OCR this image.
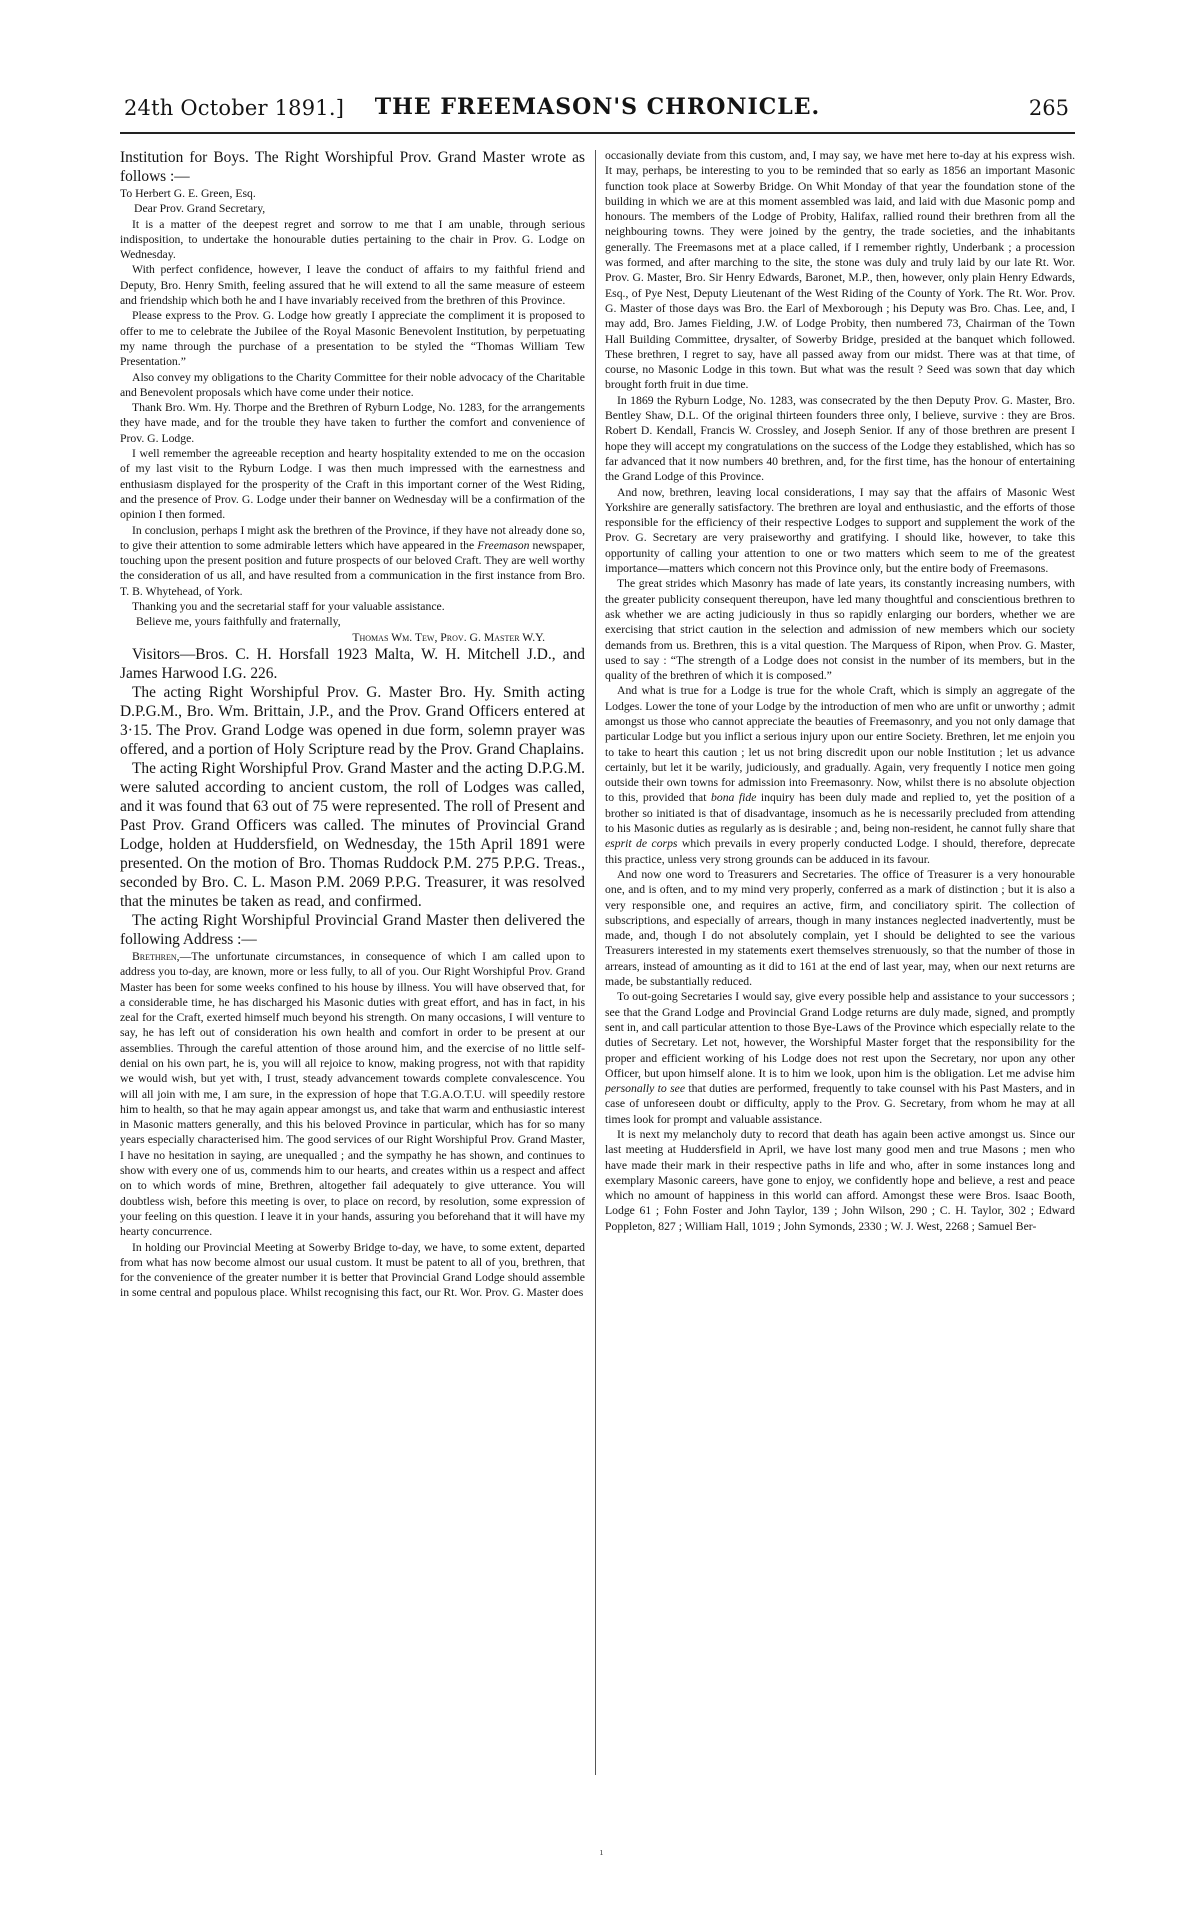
24th October 1891.]	THE FREEMASON'S CHRONICLE.	265

Institution for Boys. The Right Worshipful Prov. Grand Master wrote as follows :—

To Herbert G. E. Green, Esq.

Dear Prov. Grand Secretary,

It is a matter of the deepest regret and sorrow to me that I am unable, through serious indisposition, to undertake the honourable duties pertaining to the chair in Prov. G. Lodge on Wednesday.

With perfect confidence, however, I leave the conduct of affairs to my faithful friend and Deputy, Bro. Henry Smith, feeling assured that he will extend to all the same measure of esteem and friendship which both he and I have invariably received from the brethren of this Province.

Please express to the Prov. G. Lodge how greatly I appreciate the compliment it is proposed to offer to me to celebrate the Jubilee of the Royal Masonic Benevolent Institution, by perpetuating my name through the purchase of a presentation to be styled the “Thomas William Tew Presentation.”

Also convey my obligations to the Charity Committee for their noble advocacy of the Charitable and Benevolent proposals which have come under their notice.

Thank Bro. Wm. Hy. Thorpe and the Brethren of Ryburn Lodge, No. 1283, for the arrangements they have made, and for the trouble they have taken to further the comfort and convenience of Prov. G. Lodge.

I well remember the agreeable reception and hearty hospitality extended to me on the occasion of my last visit to the Ryburn Lodge. I was then much impressed with the earnestness and enthusiasm displayed for the prosperity of the Craft in this important corner of the West Riding, and the presence of Prov. G. Lodge under their banner on Wednesday will be a confirmation of the opinion I then formed.

In conclusion, perhaps I might ask the brethren of the Province, if they have not already done so, to give their attention to some admirable letters which have appeared in the Freemason newspaper, touching upon the present position and future prospects of our beloved Craft. They are well worthy the consideration of us all, and have resulted from a communication in the first instance from Bro. T. B. Whytehead, of York.

Thanking you and the secretarial staff for your valuable assistance.

Believe me, yours faithfully and fraternally,

Thomas Wm. Tew, Prov. G. Master W.Y.

Visitors—Bros. C. H. Horsfall 1923 Malta, W. H. Mitchell J.D., and James Harwood I.G. 226.

The acting Right Worshipful Prov. G. Master Bro. Hy. Smith acting D.P.G.M., Bro. Wm. Brittain, J.P., and the Prov. Grand Officers entered at 3·15. The Prov. Grand Lodge was opened in due form, solemn prayer was offered, and a portion of Holy Scripture read by the Prov. Grand Chaplains.

The acting Right Worshipful Prov. Grand Master and the acting D.P.G.M. were saluted according to ancient custom, the roll of Lodges was called, and it was found that 63 out of 75 were represented. The roll of Present and Past Prov. Grand Officers was called. The minutes of Provincial Grand Lodge, holden at Huddersfield, on Wednesday, the 15th April 1891 were presented. On the motion of Bro. Thomas Ruddock P.M. 275 P.P.G. Treas., seconded by Bro. C. L. Mason P.M. 2069 P.P.G. Treasurer, it was resolved that the minutes be taken as read, and confirmed.

The acting Right Worshipful Provincial Grand Master then delivered the following Address :—

Brethren,—The unfortunate circumstances, in consequence of which I am called upon to address you to-day, are known, more or less fully, to all of you. Our Right Worshipful Prov. Grand Master has been for some weeks confined to his house by illness. You will have observed that, for a considerable time, he has discharged his Masonic duties with great effort, and has in fact, in his zeal for the Craft, exerted himself much beyond his strength. On many occasions, I will venture to say, he has left out of consideration his own health and comfort in order to be present at our assemblies. Through the careful attention of those around him, and the exercise of no little self-denial on his own part, he is, you will all rejoice to know, making progress, not with that rapidity we would wish, but yet with, I trust, steady advancement towards complete convalescence. You will all join with me, I am sure, in the expression of hope that T.G.A.O.T.U. will speedily restore him to health, so that he may again appear amongst us, and take that warm and enthusiastic interest in Masonic matters generally, and this his beloved Province in particular, which has for so many years especially characterised him. The good services of our Right Worshipful Prov. Grand Master, I have no hesitation in saying, are unequalled ; and the sympathy he has shown, and continues to show with every one of us, commends him to our hearts, and creates within us a respect and affect on to which words of mine, Brethren, altogether fail adequately to give utterance. You will doubtless wish, before this meeting is over, to place on record, by resolution, some expression of your feeling on this question. I leave it in your hands, assuring you beforehand that it will have my hearty concurrence.

In holding our Provincial Meeting at Sowerby Bridge to-day, we have, to some extent, departed from what has now become almost our usual custom. It must be patent to all of you, brethren, that for the convenience of the greater number it is better that Provincial Grand Lodge should assemble in some central and populous place. Whilst recognising this fact, our Rt. Wor. Prov. G. Master does

occasionally deviate from this custom, and, I may say, we have met here to-day at his express wish. It may, perhaps, be interesting to you to be reminded that so early as 1856 an important Masonic function took place at Sowerby Bridge. On Whit Monday of that year the foundation stone of the building in which we are at this moment assembled was laid, and laid with due Masonic pomp and honours. The members of the Lodge of Probity, Halifax, rallied round their brethren from all the neighbouring towns. They were joined by the gentry, the trade societies, and the inhabitants generally. The Freemasons met at a place called, if I remember rightly, Underbank ; a procession was formed, and after marching to the site, the stone was duly and truly laid by our late Rt. Wor. Prov. G. Master, Bro. Sir Henry Edwards, Baronet, M.P., then, however, only plain Henry Edwards, Esq., of Pye Nest, Deputy Lieutenant of the West Riding of the County of York. The Rt. Wor. Prov. G. Master of those days was Bro. the Earl of Mexborough ; his Deputy was Bro. Chas. Lee, and, I may add, Bro. James Fielding, J.W. of Lodge Probity, then numbered 73, Chairman of the Town Hall Building Committee, drysalter, of Sowerby Bridge, presided at the banquet which followed. These brethren, I regret to say, have all passed away from our midst. There was at that time, of course, no Masonic Lodge in this town. But what was the result ? Seed was sown that day which brought forth fruit in due time.

In 1869 the Ryburn Lodge, No. 1283, was consecrated by the then Deputy Prov. G. Master, Bro. Bentley Shaw, D.L. Of the original thirteen founders three only, I believe, survive : they are Bros. Robert D. Kendall, Francis W. Crossley, and Joseph Senior. If any of those brethren are present I hope they will accept my congratulations on the success of the Lodge they established, which has so far advanced that it now numbers 40 brethren, and, for the first time, has the honour of entertaining the Grand Lodge of this Province.

And now, brethren, leaving local considerations, I may say that the affairs of Masonic West Yorkshire are generally satisfactory. The brethren are loyal and enthusiastic, and the efforts of those responsible for the efficiency of their respective Lodges to support and supplement the work of the Prov. G. Secretary are very praiseworthy and gratifying. I should like, however, to take this opportunity of calling your attention to one or two matters which seem to me of the greatest importance—matters which concern not this Province only, but the entire body of Freemasons.

The great strides which Masonry has made of late years, its constantly increasing numbers, with the greater publicity consequent thereupon, have led many thoughtful and conscientious brethren to ask whether we are acting judiciously in thus so rapidly enlarging our borders, whether we are exercising that strict caution in the selection and admission of new members which our society demands from us. Brethren, this is a vital question. The Marquess of Ripon, when Prov. G. Master, used to say : “The strength of a Lodge does not consist in the number of its members, but in the quality of the brethren of which it is composed.”

And what is true for a Lodge is true for the whole Craft, which is simply an aggregate of the Lodges. Lower the tone of your Lodge by the introduction of men who are unfit or unworthy ; admit amongst us those who cannot appreciate the beauties of Freemasonry, and you not only damage that particular Lodge but you inflict a serious injury upon our entire Society. Brethren, let me enjoin you to take to heart this caution ; let us not bring discredit upon our noble Institution ; let us advance certainly, but let it be warily, judiciously, and gradually. Again, very frequently I notice men going outside their own towns for admission into Freemasonry. Now, whilst there is no absolute objection to this, provided that bona fide inquiry has been duly made and replied to, yet the position of a brother so initiated is that of disadvantage, insomuch as he is necessarily precluded from attending to his Masonic duties as regularly as is desirable ; and, being non-resident, he cannot fully share that esprit de corps which prevails in every properly conducted Lodge. I should, therefore, deprecate this practice, unless very strong grounds can be adduced in its favour.

And now one word to Treasurers and Secretaries. The office of Treasurer is a very honourable one, and is often, and to my mind very properly, conferred as a mark of distinction ; but it is also a very responsible one, and requires an active, firm, and conciliatory spirit. The collection of subscriptions, and especially of arrears, though in many instances neglected inadvertently, must be made, and, though I do not absolutely complain, yet I should be delighted to see the various Treasurers interested in my statements exert themselves strenuously, so that the number of those in arrears, instead of amounting as it did to 161 at the end of last year, may, when our next returns are made, be substantially reduced.

To out-going Secretaries I would say, give every possible help and assistance to your successors ; see that the Grand Lodge and Provincial Grand Lodge returns are duly made, signed, and promptly sent in, and call particular attention to those Bye-Laws of the Province which especially relate to the duties of Secretary. Let not, however, the Worshipful Master forget that the responsibility for the proper and efficient working of his Lodge does not rest upon the Secretary, nor upon any other Officer, but upon himself alone. It is to him we look, upon him is the obligation. Let me advise him personally to see that duties are performed, frequently to take counsel with his Past Masters, and in case of unforeseen doubt or difficulty, apply to the Prov. G. Secretary, from whom he may at all times look for prompt and valuable assistance.

It is next my melancholy duty to record that death has again been active amongst us. Since our last meeting at Huddersfield in April, we have lost many good men and true Masons ; men who have made their mark in their respective paths in life and who, after in some instances long and exemplary Masonic careers, have gone to enjoy, we confidently hope and believe, a rest and peace which no amount of happiness in this world can afford. Amongst these were Bros. Isaac Booth, Lodge 61 ; Fohn Foster and John Taylor, 139 ; John Wilson, 290 ; C. H. Taylor, 302 ; Edward Poppleton, 827 ; William Hall, 1019 ; John Symonds, 2330 ; W. J. West, 2268 ; Samuel Ber-

ı
